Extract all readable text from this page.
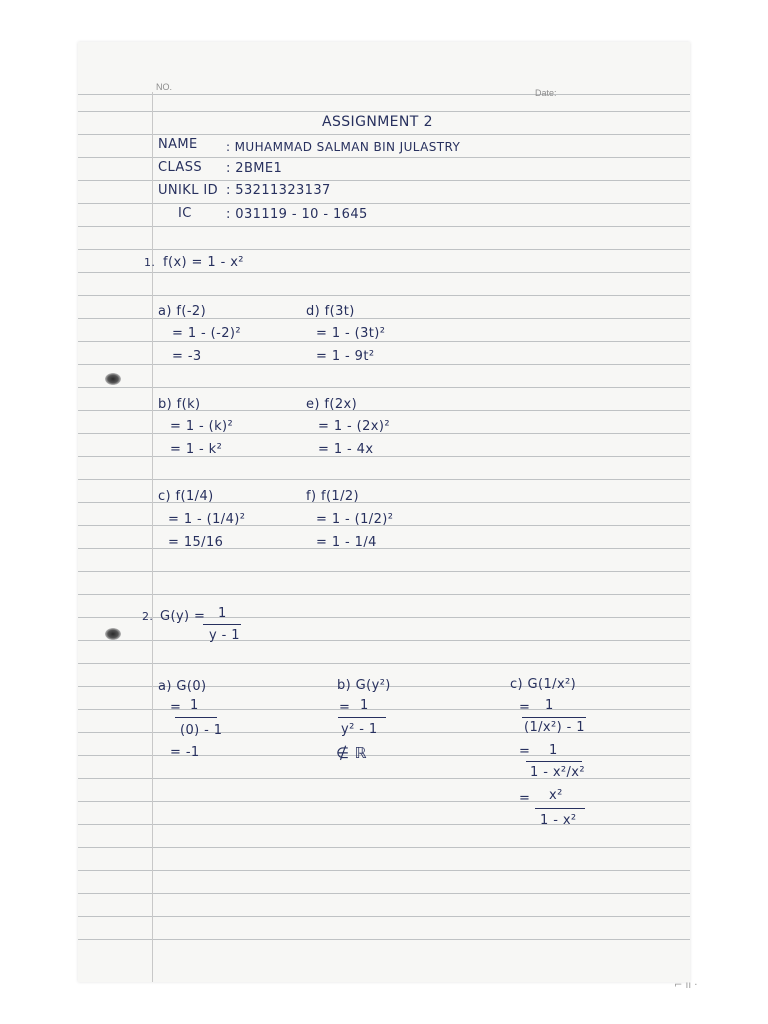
NO.
Date:
⌐ ıı ·
ASSIGNMENT 2
NAME : MUHAMMAD SALMAN BIN JULASTRY
CLASS : 2BME1
UNIKL ID : 53211323137
IC	: 031119 - 10 - 1645
1. f(x) = 1 - x²
a) f(-2)
= 1 - (-2)²
= -3
d) f(3t)
= 1 - (3t)²
= 1 - 9t²
b) f(k)
= 1 - (k)²
= 1 - k²
e) f(2x)
= 1 - (2x)²
= 1 - 4x
c) f(1/4)
= 1 - (1/4)²
= 15/16
f) f(1/2)
= 1 - (1/2)²
= 1 - 1/4
2. G(y) = 1
y - 1
a) G(0)
= 1
(0) - 1
= -1
b) G(y²)
= 1
y² - 1
∉ ℝ
c) G(1/x²)
= 1
(1/x²) - 1
= 1
1 - x²/x²
= x²
1 - x²
